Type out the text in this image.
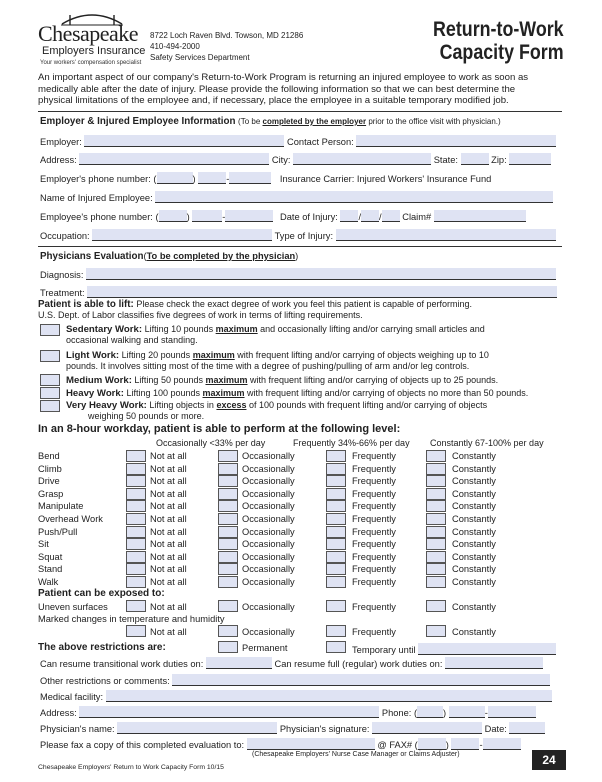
Chesapeake
Employers Insurance
Your workers' compensation specialist
8722 Loch Raven Blvd. Towson, MD 21286
410-494-2000
Safety Services Department
Return-to-Work
Capacity Form
An important aspect of our company's Return-to-Work Program is returning an injured employee to work as soon as
medically able after the date of injury. Please provide the following information so that we can best determine the
physical limitations of the employee and, if necessary, place the employee in a suitable temporary modified job.
Employer & Injured Employee Information (To be completed by the employer prior to the office visit with physician.)
Employer:	Contact Person:
Address:	City:	State:	Zip:
Employer's phone number: (	)	-	Insurance Carrier: Injured Workers' Insurance Fund
Name of Injured Employee:
Employee's phone number: (	)	-	Date of Injury: / / Claim#
Occupation:	Type of Injury:
Physicians Evaluation(To be completed by the physician)
Diagnosis:
Treatment:
Patient is able to lift: Please check the exact degree of work you feel this patient is capable of performing.
U.S. Dept. of Labor classifies five degrees of work in terms of lifting requirements.
Sedentary Work: Lifting 10 pounds maximum and occasionally lifting and/or carrying small articles and
occasional walking and standing.
Light Work: Lifting 20 pounds maximum with frequent lifting and/or carrying of objects weighing up to 10
pounds. It involves sitting most of the time with a degree of pushing/pulling of arm and/or leg controls.
Medium Work: Lifting 50 pounds maximum with frequent lifting and/or carrying of objects up to 25 pounds.
Heavy Work: Lifting 100 pounds maximum with frequent lifting and/or carrying of objects no more than 50 pounds.
Very Heavy Work: Lifting objects in excess of 100 pounds with frequent lifting and/or carrying of objects
weighing 50 pounds or more.
In an 8-hour workday, patient is able to perform at the following level:
Occasionally <33% per day	Frequently 34%-66% per day Constantly 67-100% per day
Bend	Not at all	Occasionally	Frequently	Constantly
Climb	Not at all	Occasionally	Frequently	Constantly
Drive	Not at all	Occasionally	Frequently	Constantly
Grasp	Not at all	Occasionally	Frequently	Constantly
Manipulate	Not at all	Occasionally	Frequently	Constantly
Overhead Work	Not at all	Occasionally	Frequently	Constantly
Push/Pull	Not at all	Occasionally	Frequently	Constantly
Sit	Not at all	Occasionally	Frequently	Constantly
Squat	Not at all	Occasionally	Frequently	Constantly
Stand	Not at all	Occasionally	Frequently	Constantly
Walk	Not at all	Occasionally	Frequently	Constantly
Patient can be exposed to:
Uneven surfaces	Not at all	Occasionally	Frequently	Constantly
Marked changes in temperature and humidity
Not at all	Occasionally	Frequently	Constantly
The above restrictions are:	Permanent	Temporary until
Can resume transitional work duties on:	Can resume full (regular) work duties on:
Other restrictions or comments:
Medical facility:
Address:	Phone: (	)	-
Physician's name:	Physician's signature:	Date:
Please fax a copy of this completed evaluation to:	@ FAX# (	)	-
(Chesapeake Employers' Nurse Case Manager or Claims Adjuster)
Chesapeake Employers' Return to Work Capacity Form 10/15
24
